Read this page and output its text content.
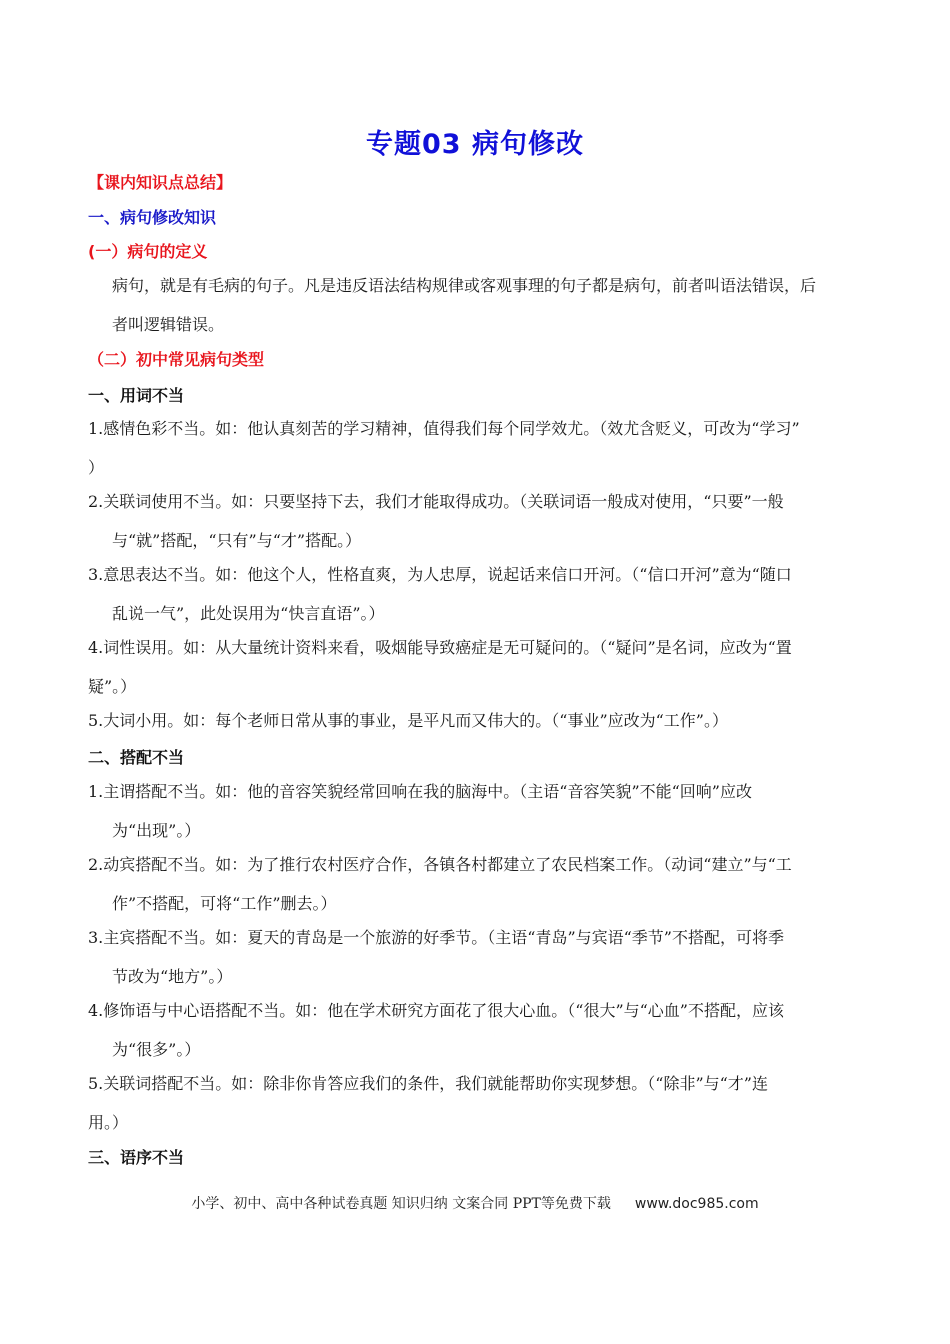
专题03 病句修改
【课内知识点总结】
一、病句修改知识
(一）病句的定义
病句，就是有毛病的句子。凡是违反语法结构规律或客观事理的句子都是病句，前者叫语法错误，后
者叫逻辑错误。
（二）初中常见病句类型
一、用词不当
1.感情色彩不当。如：他认真刻苦的学习精神，值得我们每个同学效尤。（效尤含贬义，可改为“学习”
）
2.关联词使用不当。如：只要坚持下去，我们才能取得成功。（关联词语一般成对使用，“只要”一般
与“就”搭配，“只有”与“才”搭配。）
3.意思表达不当。如：他这个人，性格直爽，为人忠厚，说起话来信口开河。（“信口开河”意为“随口
乱说一气”，此处误用为“快言直语”。）
4.词性误用。如：从大量统计资料来看，吸烟能导致癌症是无可疑问的。（“疑问”是名词，应改为“置
疑”。）
5.大词小用。如：每个老师日常从事的事业，是平凡而又伟大的。（“事业”应改为“工作”。）
二、搭配不当
1.主谓搭配不当。如：他的音容笑貌经常回响在我的脑海中。（主语“音容笑貌”不能“回响”应改
为“出现”。）
2.动宾搭配不当。如：为了推行农村医疗合作，各镇各村都建立了农民档案工作。（动词“建立”与“工
作”不搭配，可将“工作”删去。）
3.主宾搭配不当。如：夏天的青岛是一个旅游的好季节。（主语“青岛”与宾语“季节”不搭配，可将季
节改为“地方”。）
4.修饰语与中心语搭配不当。如：他在学术研究方面花了很大心血。（“很大”与“心血”不搭配，应该
为“很多”。）
5.关联词搭配不当。如：除非你肯答应我们的条件，我们就能帮助你实现梦想。（“除非”与“才”连
用。）
三、语序不当
小学、初中、高中各种试卷真题 知识归纳 文案合同 PPT等免费下载 www.doc985.com
